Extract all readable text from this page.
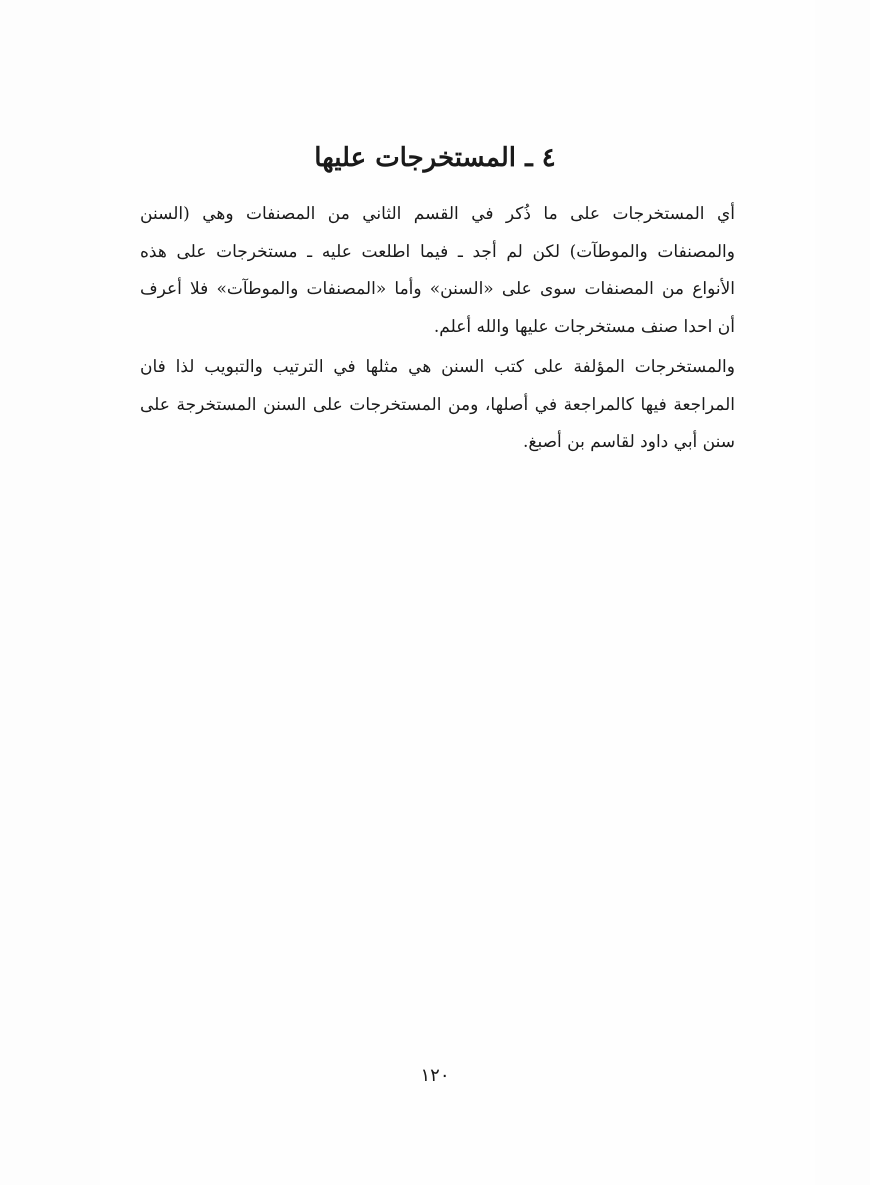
٤ ـ المستخرجات عليها
أي المستخرجات على ما ذُكر في القسم الثاني من المصنفات وهي (السنن
والمصنفات والموطآت) لكن لم أجد ـ فيما اطلعت عليه ـ مستخرجات على هذه
الأنواع من المصنفات سوى على «السنن» وأما «المصنفات والموطآت» فلا أعرف
أن احدا صنف مستخرجات عليها والله أعلم.
والمستخرجات المؤلفة على كتب السنن هي مثلها في الترتيب والتبويب لذا فان
المراجعة فيها كالمراجعة في أصلها، ومن المستخرجات على السنن المستخرجة على
سنن أبي داود لقاسم بن أصبغ.
١٢٠
